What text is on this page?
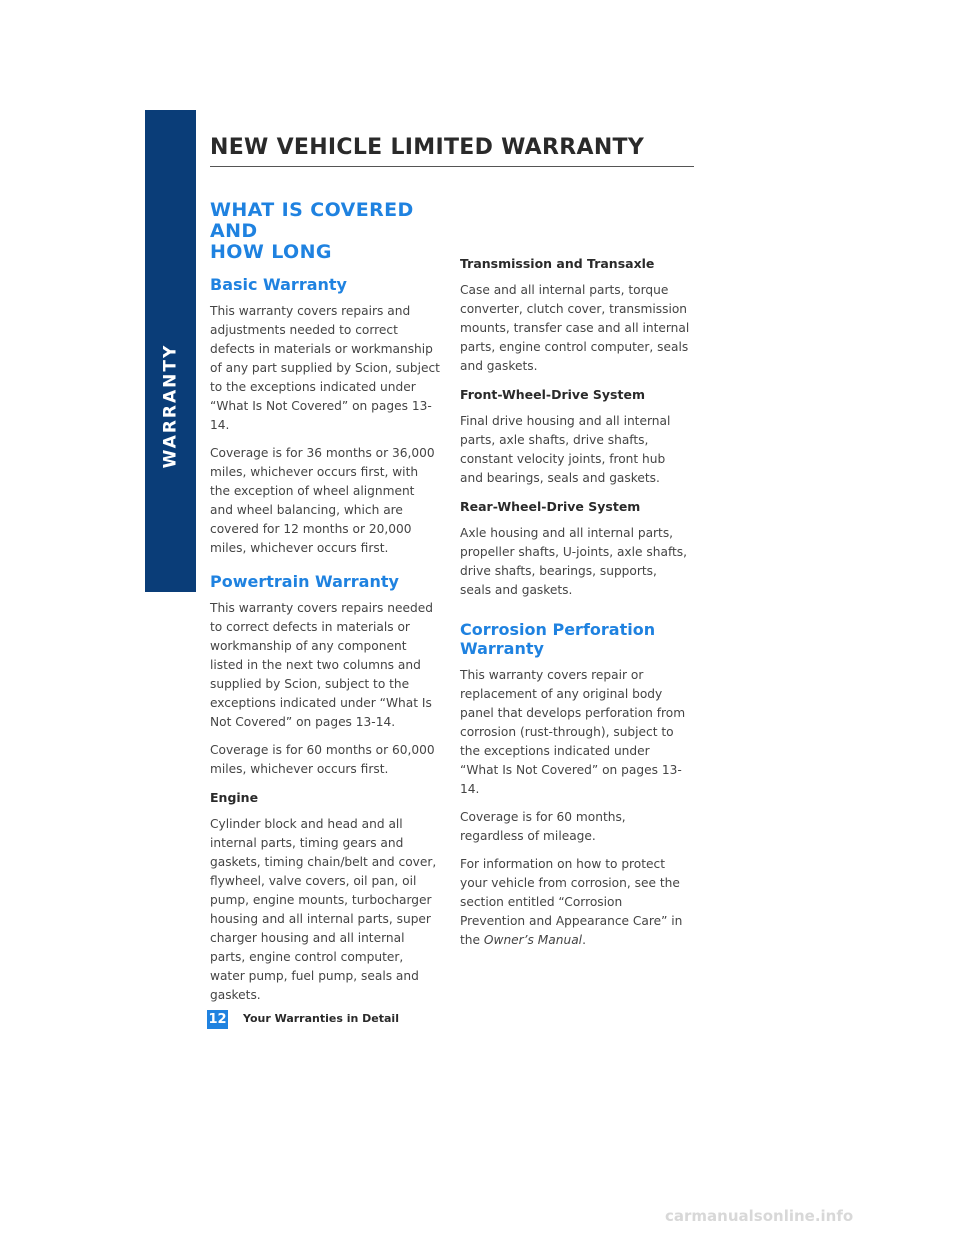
WARRANTY
NEW VEHICLE LIMITED WARRANTY
WHAT IS COVERED AND
HOW LONG
Basic Warranty

This warranty covers repairs and adjustments needed to correct defects in materials or workmanship of any part supplied by Scion, subject to the exceptions indicated under “What Is Not Covered” on pages 13-14.

Coverage is for 36 months or 36,000 miles, whichever occurs first, with the exception of wheel alignment and wheel balancing, which are covered for 12 months or 20,000 miles, whichever occurs first.

Powertrain Warranty

This warranty covers repairs needed to correct defects in materials or workmanship of any component listed in the next two columns and supplied by Scion, subject to the exceptions indicated under “What Is Not Covered” on pages 13-14.

Coverage is for 60 months or 60,000 miles, whichever occurs first.

Engine

Cylinder block and head and all internal parts, timing gears and gaskets, timing chain/belt and cover, flywheel, valve covers, oil pan, oil pump, engine mounts, turbocharger housing and all internal parts, super charger housing and all internal parts, engine control computer, water pump, fuel pump, seals and gaskets.

Transmission and Transaxle

Case and all internal parts, torque converter, clutch cover, transmission mounts, transfer case and all internal parts, engine control computer, seals and gaskets.

Front-Wheel-Drive System

Final drive housing and all internal parts, axle shafts, drive shafts, constant velocity joints, front hub and bearings, seals and gaskets.

Rear-Wheel-Drive System

Axle housing and all internal parts, propeller shafts, U-joints, axle shafts, drive shafts, bearings, supports, seals and gaskets.

Corrosion Perforation
Warranty

This warranty covers repair or replacement of any original body panel that develops perforation from corrosion (rust-through), subject to the exceptions indicated under “What Is Not Covered” on pages 13-14.

Coverage is for 60 months, regardless of mileage.

For information on how to protect your vehicle from corrosion, see the section entitled “Corrosion Prevention and Appearance Care” in the Owner’s Manual.

12 Your Warranties in Detail
carmanualsonline.info
